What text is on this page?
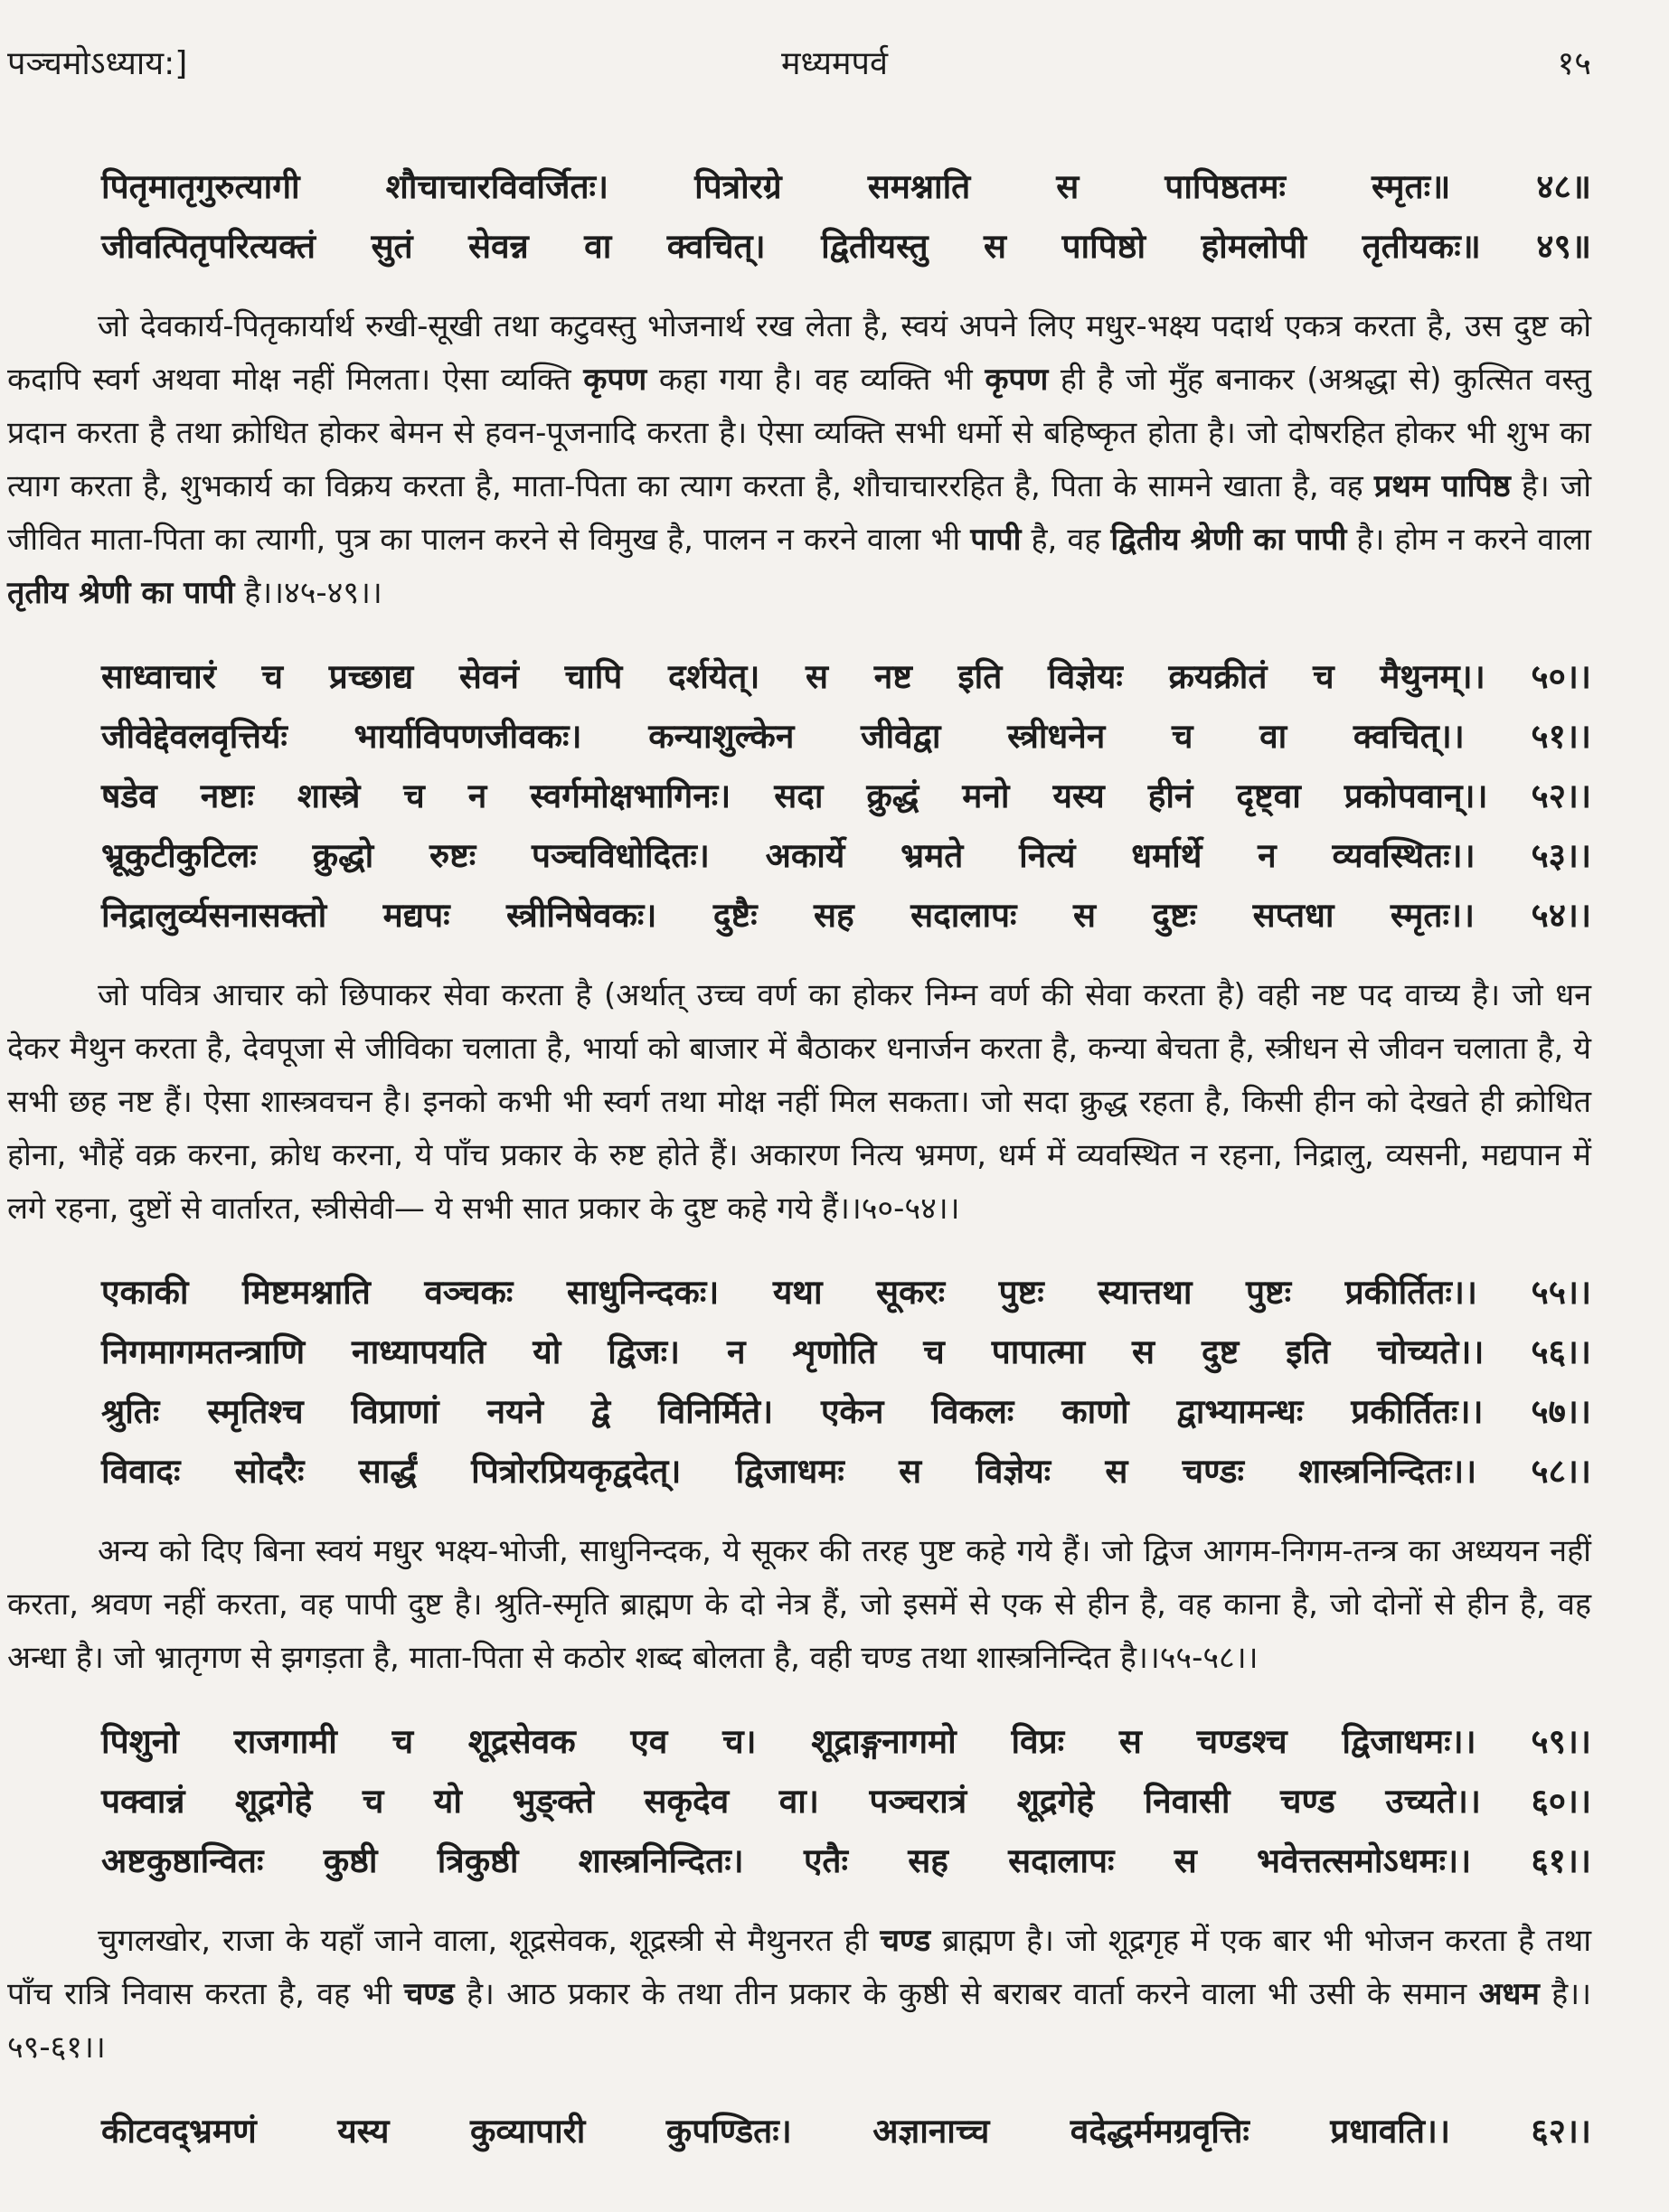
पञ्चमोऽध्याय:]	मध्यमपर्व	१५
पितृमातृगुरुत्यागी	शौचाचारविवर्जितः।	पित्रोरग्रे	समश्नाति	स	पापिष्ठतमः	स्मृतः॥	४८॥
जीवत्पितृपरित्यक्तं सुतं सेवन्न वा क्वचित्। द्वितीयस्तु स पापिष्ठो होमलोपी तृतीयकः॥ ४९॥

जो देवकार्य-पितृकार्यार्थ रुखी-सूखी तथा कटुवस्तु भोजनार्थ रख लेता है, स्वयं अपने लिए मधुर-भक्ष्य पदार्थ एकत्र करता है, उस दुष्ट को कदापि स्वर्ग अथवा मोक्ष नहीं मिलता। ऐसा व्यक्ति कृपण कहा गया है। वह व्यक्ति भी कृपण ही है जो मुँह बनाकर (अश्रद्धा से) कुत्सित वस्तु प्रदान करता है तथा क्रोधित होकर बेमन से हवन-पूजनादि करता है। ऐसा व्यक्ति सभी धर्मो से बहिष्कृत होता है। जो दोषरहित होकर भी शुभ का त्याग करता है, शुभकार्य का विक्रय करता है, माता-पिता का त्याग करता है, शौचाचाररहित है, पिता के सामने खाता है, वह प्रथम पापिष्ठ है। जो जीवित माता-पिता का त्यागी, पुत्र का पालन करने से विमुख है, पालन न करने वाला भी पापी है, वह द्वितीय श्रेणी का पापी है। होम न करने वाला तृतीय श्रेणी का पापी है।।४५-४९।।

साध्वाचारं च प्रच्छाद्य सेवनं चापि दर्शयेत्। स नष्ट इति विज्ञेयः क्रयक्रीतं च मैथुनम्।। ५०।।
जीवेद्देवलवृत्तिर्यः भार्याविपणजीवकः। कन्याशुल्केन जीवेद्वा स्त्रीधनेन च वा क्वचित्।। ५१।।
षडेव नष्टाः शास्त्रे च न स्वर्गमोक्षभागिनः। सदा क्रुद्धं मनो यस्य हीनं दृष्ट्वा प्रकोपवान्।। ५२।।
भ्रूकुटीकुटिलः क्रुद्धो रुष्टः पञ्चविधोदितः। अकार्ये भ्रमते नित्यं धर्मार्थे न व्यवस्थितः।। ५३।।
निद्रालुर्व्यसनासक्तो मद्यपः स्त्रीनिषेवकः। दुष्टैः सह सदालापः स दुष्टः सप्तधा स्मृतः।। ५४।।

जो पवित्र आचार को छिपाकर सेवा करता है (अर्थात् उच्च वर्ण का होकर निम्न वर्ण की सेवा करता है) वही नष्ट पद वाच्य है। जो धन देकर मैथुन करता है, देवपूजा से जीविका चलाता है, भार्या को बाजार में बैठाकर धनार्जन करता है, कन्या बेचता है, स्त्रीधन से जीवन चलाता है, ये सभी छह नष्ट हैं। ऐसा शास्त्रवचन है। इनको कभी भी स्वर्ग तथा मोक्ष नहीं मिल सकता। जो सदा क्रुद्ध रहता है, किसी हीन को देखते ही क्रोधित होना, भौहें वक्र करना, क्रोध करना, ये पाँच प्रकार के रुष्ट होते हैं। अकारण नित्य भ्रमण, धर्म में व्यवस्थित न रहना, निद्रालु, व्यसनी, मद्यपान में लगे रहना, दुष्टों से वार्तारत, स्त्रीसेवी— ये सभी सात प्रकार के दुष्ट कहे गये हैं।।५०-५४।।

एकाकी मिष्टमश्नाति वञ्चकः साधुनिन्दकः। यथा सूकरः पुष्टः स्यात्तथा पुष्टः प्रकीर्तितः।। ५५।।
निगमागमतन्त्राणि नाध्यापयति यो द्विजः। न शृणोति च पापात्मा स दुष्ट इति चोच्यते।। ५६।।
श्रुतिः स्मृतिश्च विप्राणां नयने द्वे विनिर्मिते। एकेन विकलः काणो द्वाभ्यामन्धः प्रकीर्तितः।। ५७।।
विवादः सोदरैः सार्द्धं पित्रोरप्रियकृद्वदेत्। द्विजाधमः स विज्ञेयः स चण्डः शास्त्रनिन्दितः।। ५८।।

अन्य को दिए बिना स्वयं मधुर भक्ष्य-भोजी, साधुनिन्दक, ये सूकर की तरह पुष्ट कहे गये हैं। जो द्विज आगम-निगम-तन्त्र का अध्ययन नहीं करता, श्रवण नहीं करता, वह पापी दुष्ट है। श्रुति-स्मृति ब्राह्मण के दो नेत्र हैं, जो इसमें से एक से हीन है, वह काना है, जो दोनों से हीन है, वह अन्धा है। जो भ्रातृगण से झगड़ता है, माता-पिता से कठोर शब्द बोलता है, वही चण्ड तथा शास्त्रनिन्दित है।।५५-५८।।

पिशुनो राजगामी च शूद्रसेवक एव च। शूद्राङ्गनागमो विप्रः स चण्डश्च द्विजाधमः।। ५९।।
पक्वान्नं शूद्रगेहे च यो भुङ्क्ते सकृदेव वा। पञ्चरात्रं शूद्रगेहे निवासी चण्ड उच्यते।। ६०।।
अष्टकुष्ठान्वितः कुष्ठी त्रिकुष्ठी शास्त्रनिन्दितः। एतैः सह सदालापः स भवेत्तत्समोऽधमः।। ६१।।

चुगलखोर, राजा के यहाँ जाने वाला, शूद्रसेवक, शूद्रस्त्री से मैथुनरत ही चण्ड ब्राह्मण है। जो शूद्रगृह में एक बार भी भोजन करता है तथा पाँच रात्रि निवास करता है, वह भी चण्ड है। आठ प्रकार के तथा तीन प्रकार के कुष्ठी से बराबर वार्ता करने वाला भी उसी के समान अधम है।।५९-६१।।

कीटवद्भ्रमणं यस्य कुव्यापारी कुपण्डितः। अज्ञानाच्च वदेद्धर्ममग्रवृत्तिः प्रधावति।। ६२।।
